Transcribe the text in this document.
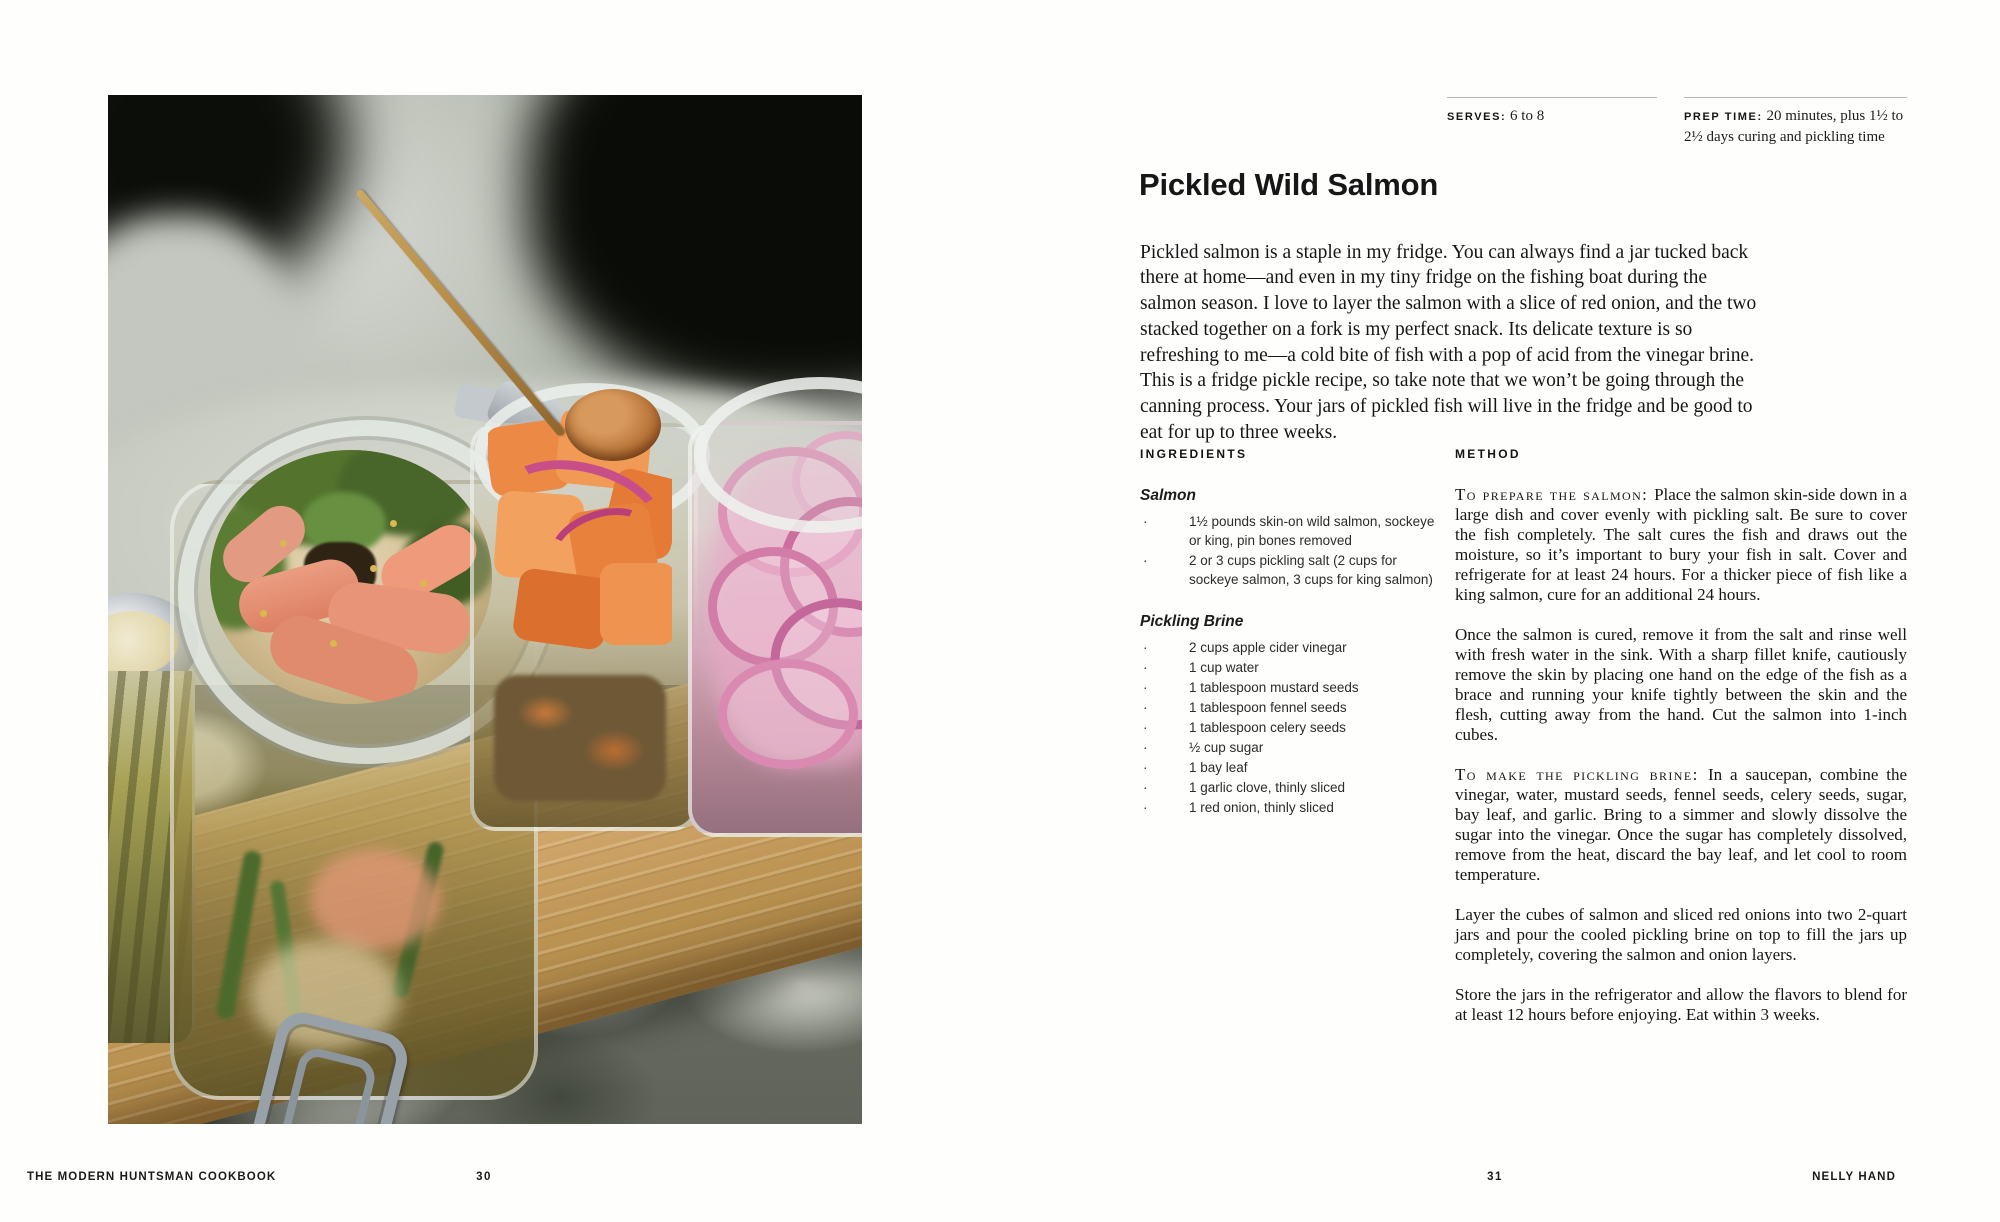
SERVES: 6 to 8	PREP TIME: 20 minutes, plus 1½ to 2½ days curing and pickling time
Pickled Wild Salmon

Pickled salmon is a staple in my fridge. You can always find a jar tucked back there at home—and even in my tiny fridge on the fishing boat during the salmon season. I love to layer the salmon with a slice of red onion, and the two stacked together on a fork is my perfect snack. Its delicate texture is so refreshing to me—a cold bite of fish with a pop of acid from the vinegar brine. This is a fridge pickle recipe, so take note that we won’t be going through the canning process. Your jars of pickled fish will live in the fridge and be good to eat for up to three weeks.

INGREDIENTS

Salmon

·	1½ pounds skin-on wild salmon, sockeye or king, pin bones removed
·	2 or 3 cups pickling salt (2 cups for sockeye salmon, 3 cups for king salmon)

Pickling Brine

·	2 cups apple cider vinegar
·	1 cup water
·	1 tablespoon mustard seeds
·	1 tablespoon fennel seeds
·	1 tablespoon celery seeds
·	½ cup sugar
·	1 bay leaf
·	1 garlic clove, thinly sliced
·	1 red onion, thinly sliced
METHOD

To prepare the salmon: Place the salmon skin-side down in a large dish and cover evenly with pickling salt. Be sure to cover the fish completely. The salt cures the fish and draws out the moisture, so it’s important to bury your fish in salt. Cover and refrigerate for at least 24 hours. For a thicker piece of fish like a king salmon, cure for an additional 24 hours.

Once the salmon is cured, remove it from the salt and rinse well with fresh water in the sink. With a sharp fillet knife, cautiously remove the skin by placing one hand on the edge of the fish as a brace and running your knife tightly between the skin and the flesh, cutting away from the hand. Cut the salmon into 1-inch cubes.

To make the pickling brine: In a saucepan, combine the vinegar, water, mustard seeds, fennel seeds, celery seeds, sugar, bay leaf, and garlic. Bring to a simmer and slowly dissolve the sugar into the vinegar. Once the sugar has completely dissolved, remove from the heat, discard the bay leaf, and let cool to room temperature.

Layer the cubes of salmon and sliced red onions into two 2-quart jars and pour the cooled pickling brine on top to fill the jars up completely, covering the salmon and onion layers.

Store the jars in the refrigerator and allow the flavors to blend for at least 12 hours before enjoying. Eat within 3 weeks.

THE MODERN HUNTSMAN COOKBOOK	30	31	NELLY HAND
